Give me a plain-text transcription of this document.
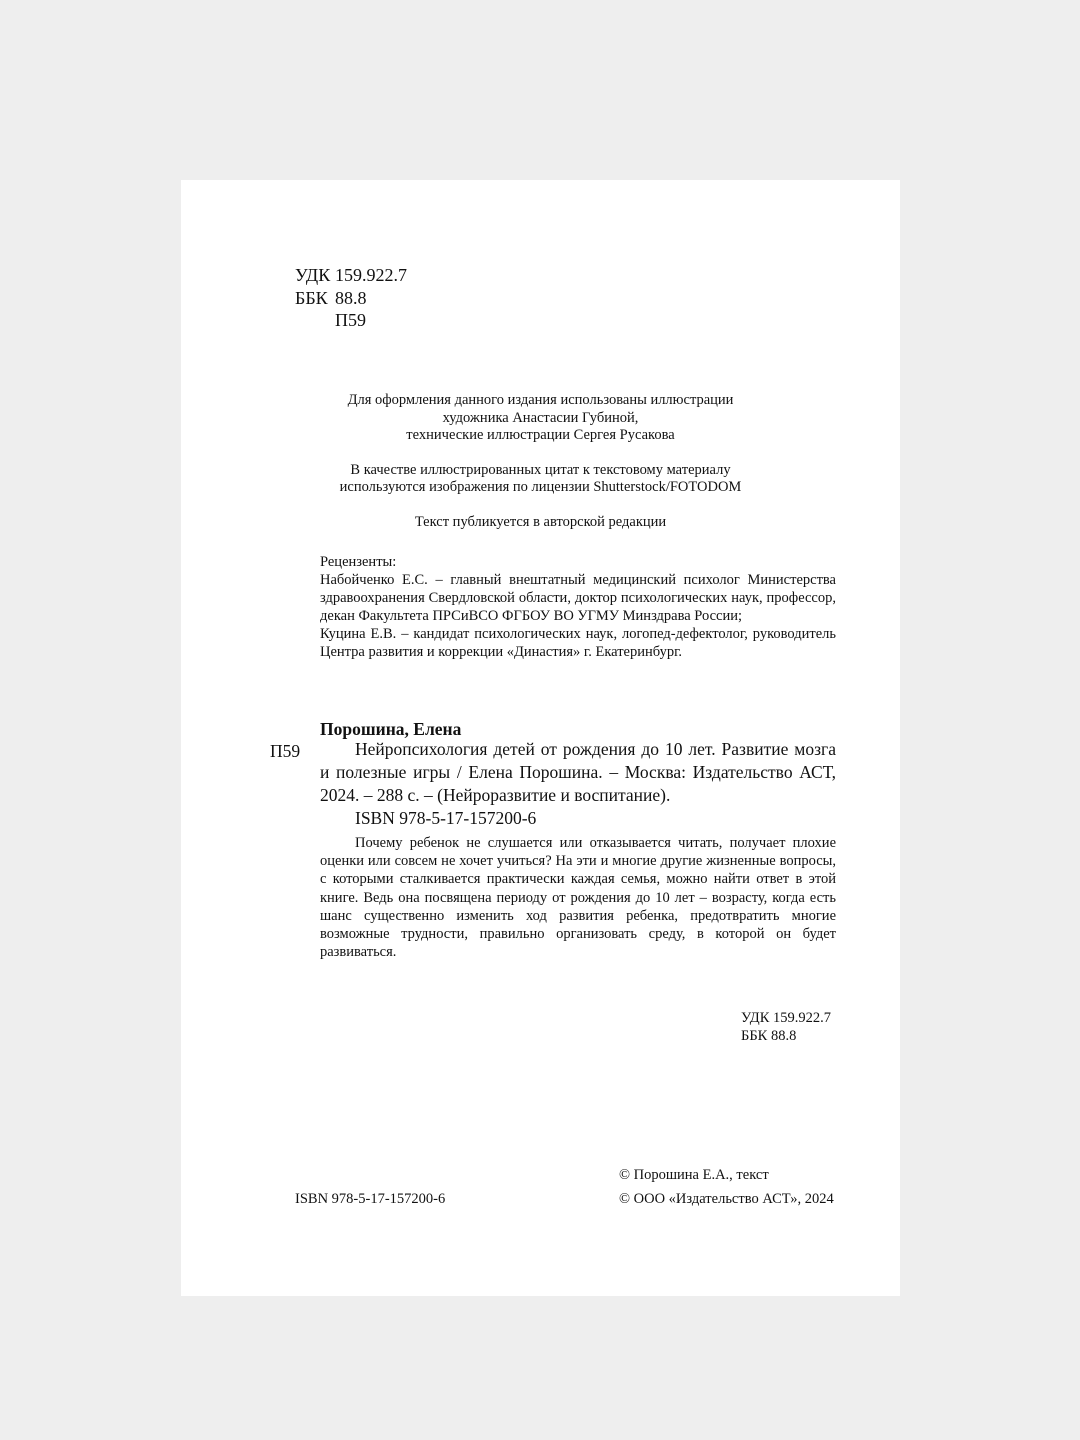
УДК 159.922.7
ББК 88.8
П59

Для оформления данного издания использованы иллюстрации

художника Анастасии Губиной,

технические иллюстрации Сергея Русакова

В качестве иллюстрированных цитат к текстовому материалу

используются изображения по лицензии Shutterstock/FOTODOM

Текст публикуется в авторской редакции

Рецензенты:

Набойченко Е.С. – главный внештатный медицинский психолог Министерства здравоохранения Свердловской области, доктор психологических наук, профессор, декан Факультета ПРСиВСО ФГБОУ ВО УГМУ Минздрава России;

Куцина Е.В. – кандидат психологических наук, логопед-дефектолог, руководитель Центра развития и коррекции «Династия» г. Екатеринбург.

Порошина, Елена
П59	Нейропсихология детей от рождения до 10 лет. Развитие мозга и полезные игры / Елена Порошина. – Москва: Издательство АСТ, 2024. – 288 с. – (Нейроразвитие и воспитание).

ISBN 978-5-17-157200-6

Почему ребенок не слушается или отказывается читать, получает плохие оценки или совсем не хочет учиться? На эти и многие другие жизненные вопросы, с которыми сталкивается практически каждая семья, можно найти ответ в этой книге. Ведь она посвящена периоду от рождения до 10 лет – возрасту, когда есть шанс существенно изменить ход развития ребенка, предотвратить многие возможные трудности, правильно организовать среду, в которой он будет развиваться.

УДК 159.922.7
ББК 88.8
ISBN 978-5-17-157200-6
© Порошина Е.А., текст
© ООО «Издательство АСТ», 2024
